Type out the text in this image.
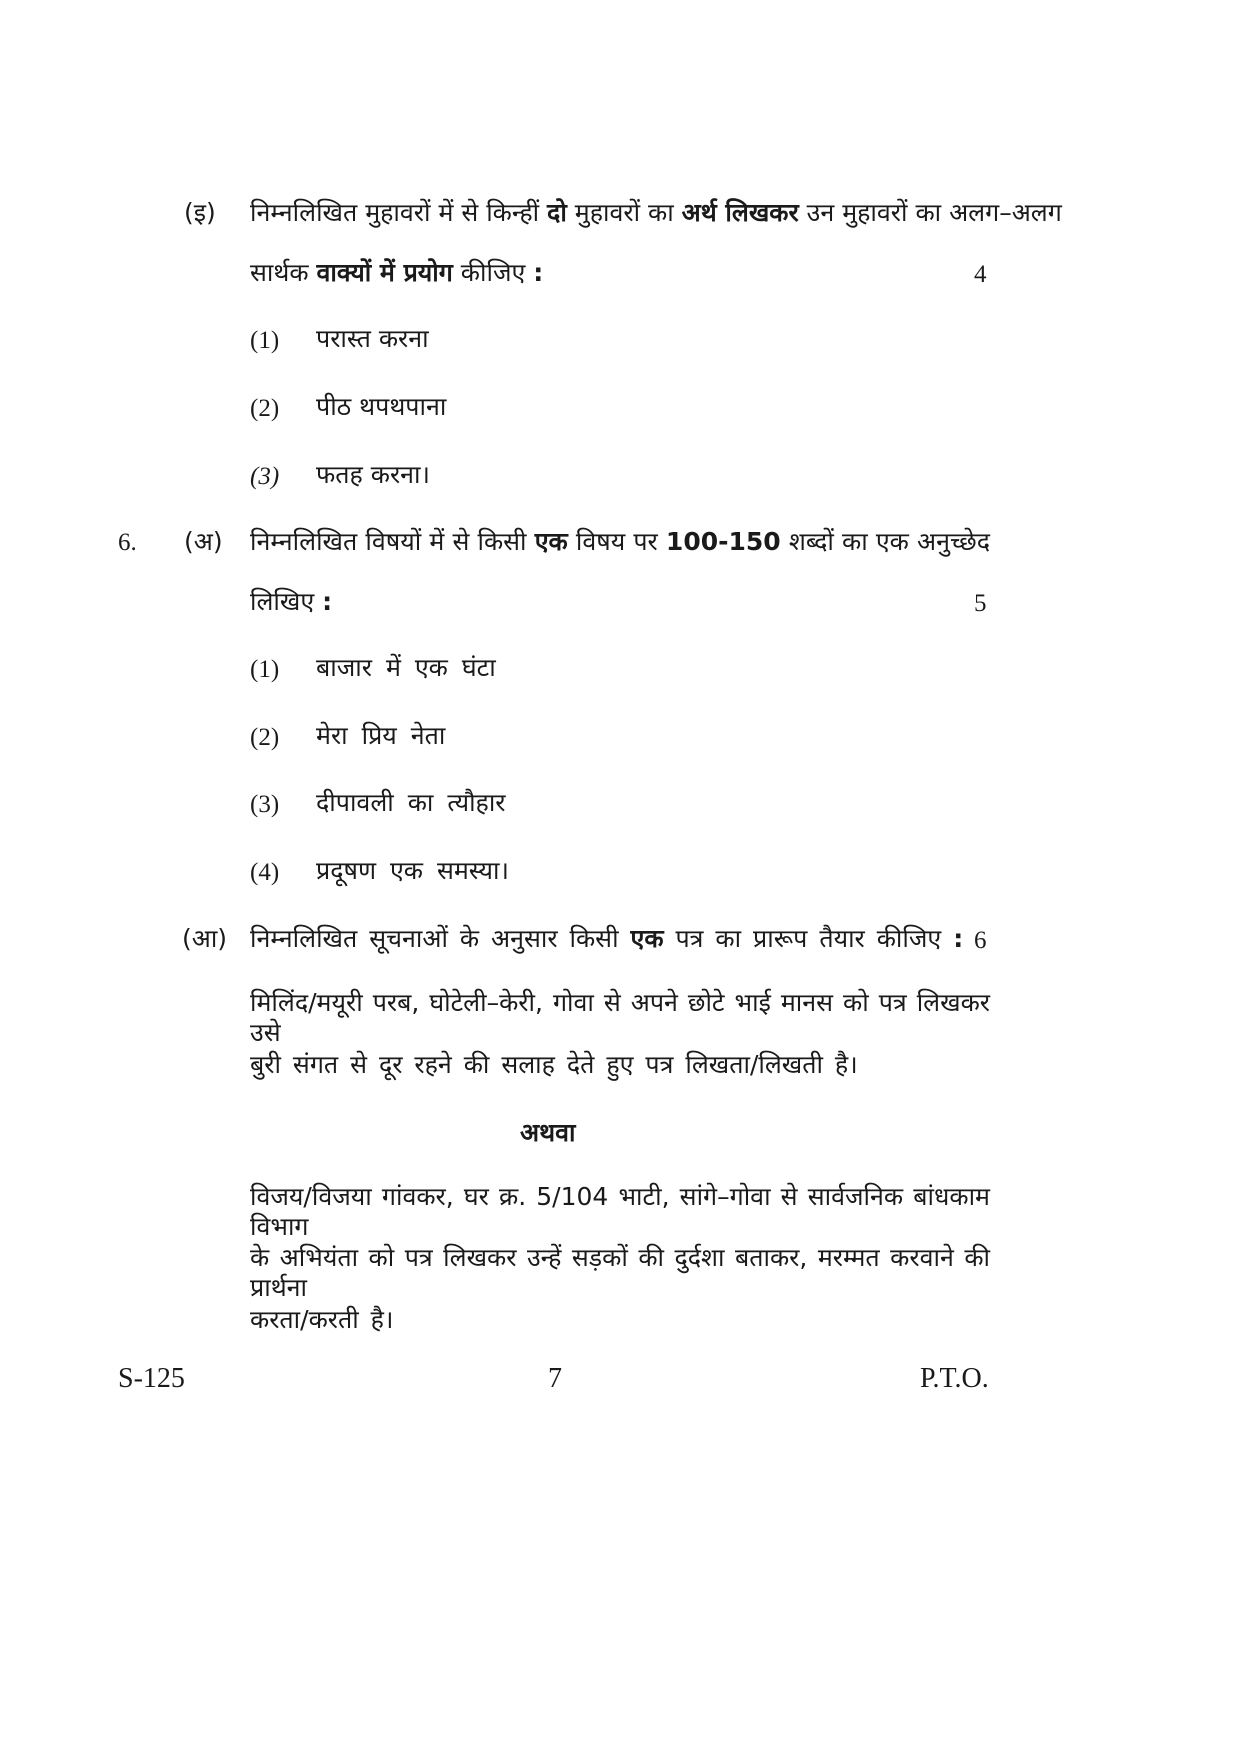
(इ) निम्नलिखित मुहावरों में से किन्हीं दो मुहावरों का अर्थ लिखकर उन मुहावरों का अलग–अलग
सार्थक वाक्यों में प्रयोग कीजिए :	4
(1) परास्त करना
(2) पीठ थपथपाना
(3) फतह करना।
6. (अ) निम्नलिखित विषयों में से किसी एक विषय पर 100-150 शब्दों का एक अनुच्छेद
लिखिए :	5
(1) बाजार में एक घंटा
(2) मेरा प्रिय नेता
(3) दीपावली का त्यौहार
(4) प्रदूषण एक समस्या।
(आ) निम्नलिखित सूचनाओं के अनुसार किसी एक पत्र का प्रारूप तैयार कीजिए : 6
मिलिंद/मयूरी परब, घोटेली–केरी, गोवा से अपने छोटे भाई मानस को पत्र लिखकर उसे
बुरी संगत से दूर रहने की सलाह देते हुए पत्र लिखता/लिखती है।
अथवा
विजय/विजया गांवकर, घर क्र. 5/104 भाटी, सांगे–गोवा से सार्वजनिक बांधकाम विभाग
के अभियंता को पत्र लिखकर उन्हें सड़कों की दुर्दशा बताकर, मरम्मत करवाने की प्रार्थना
करता/करती है।
S-125	7	P.T.O.
